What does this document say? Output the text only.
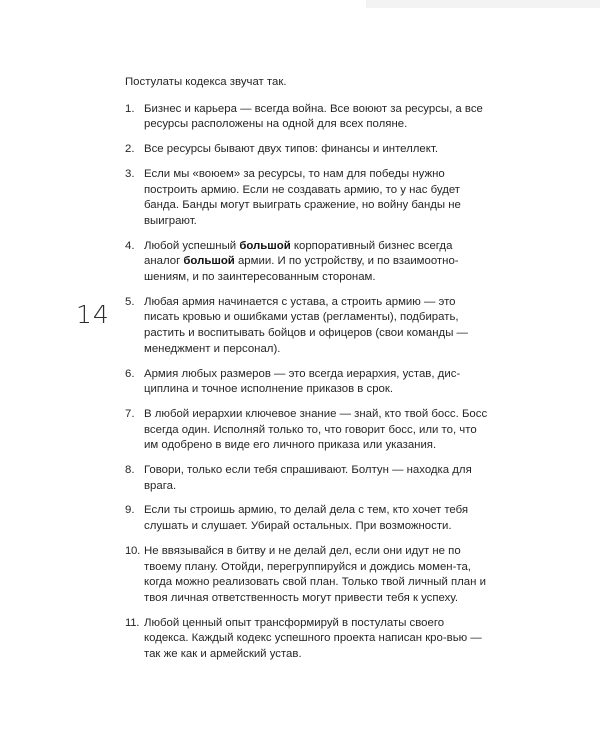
14

Постулаты кодекса звучат так.

1. Бизнес и карьера — всегда война. Все воюют за ресурсы, а все ресурсы расположены на одной для всех поляне.
2. Все ресурсы бывают двух типов: финансы и интеллект.
3. Если мы «воюем» за ресурсы, то нам для победы нужно построить армию. Если не создавать армию, то у нас будет банда. Банды могут выиграть сражение, но войну банды не выиграют.
4. Любой успешный большой корпоративный бизнес всегда аналог большой армии. И по устройству, и по взаимоотно-шениям, и по заинтересованным сторонам.
5. Любая армия начинается с устава, а строить армию — это писать кровью и ошибками устав (регламенты), подбирать, растить и воспитывать бойцов и офицеров (свои команды — менеджмент и персонал).
6. Армия любых размеров — это всегда иерархия, устав, дис-циплина и точное исполнение приказов в срок.
7. В любой иерархии ключевое знание — знай, кто твой босс. Босс всегда один. Исполняй только то, что говорит босс, или то, что им одобрено в виде его личного приказа или указания.
8. Говори, только если тебя спрашивают. Болтун — находка для врага.
9. Если ты строишь армию, то делай дела с тем, кто хочет тебя слушать и слушает. Убирай остальных. При возможности.
10. Не ввязывайся в битву и не делай дел, если они идут не по твоему плану. Отойди, перегруппируйся и дождись момен-та, когда можно реализовать свой план. Только твой личный план и твоя личная ответственность могут привести тебя к успеху.
11. Любой ценный опыт трансформируй в постулаты своего кодекса. Каждый кодекс успешного проекта написан кро-вью — так же как и армейский устав.
